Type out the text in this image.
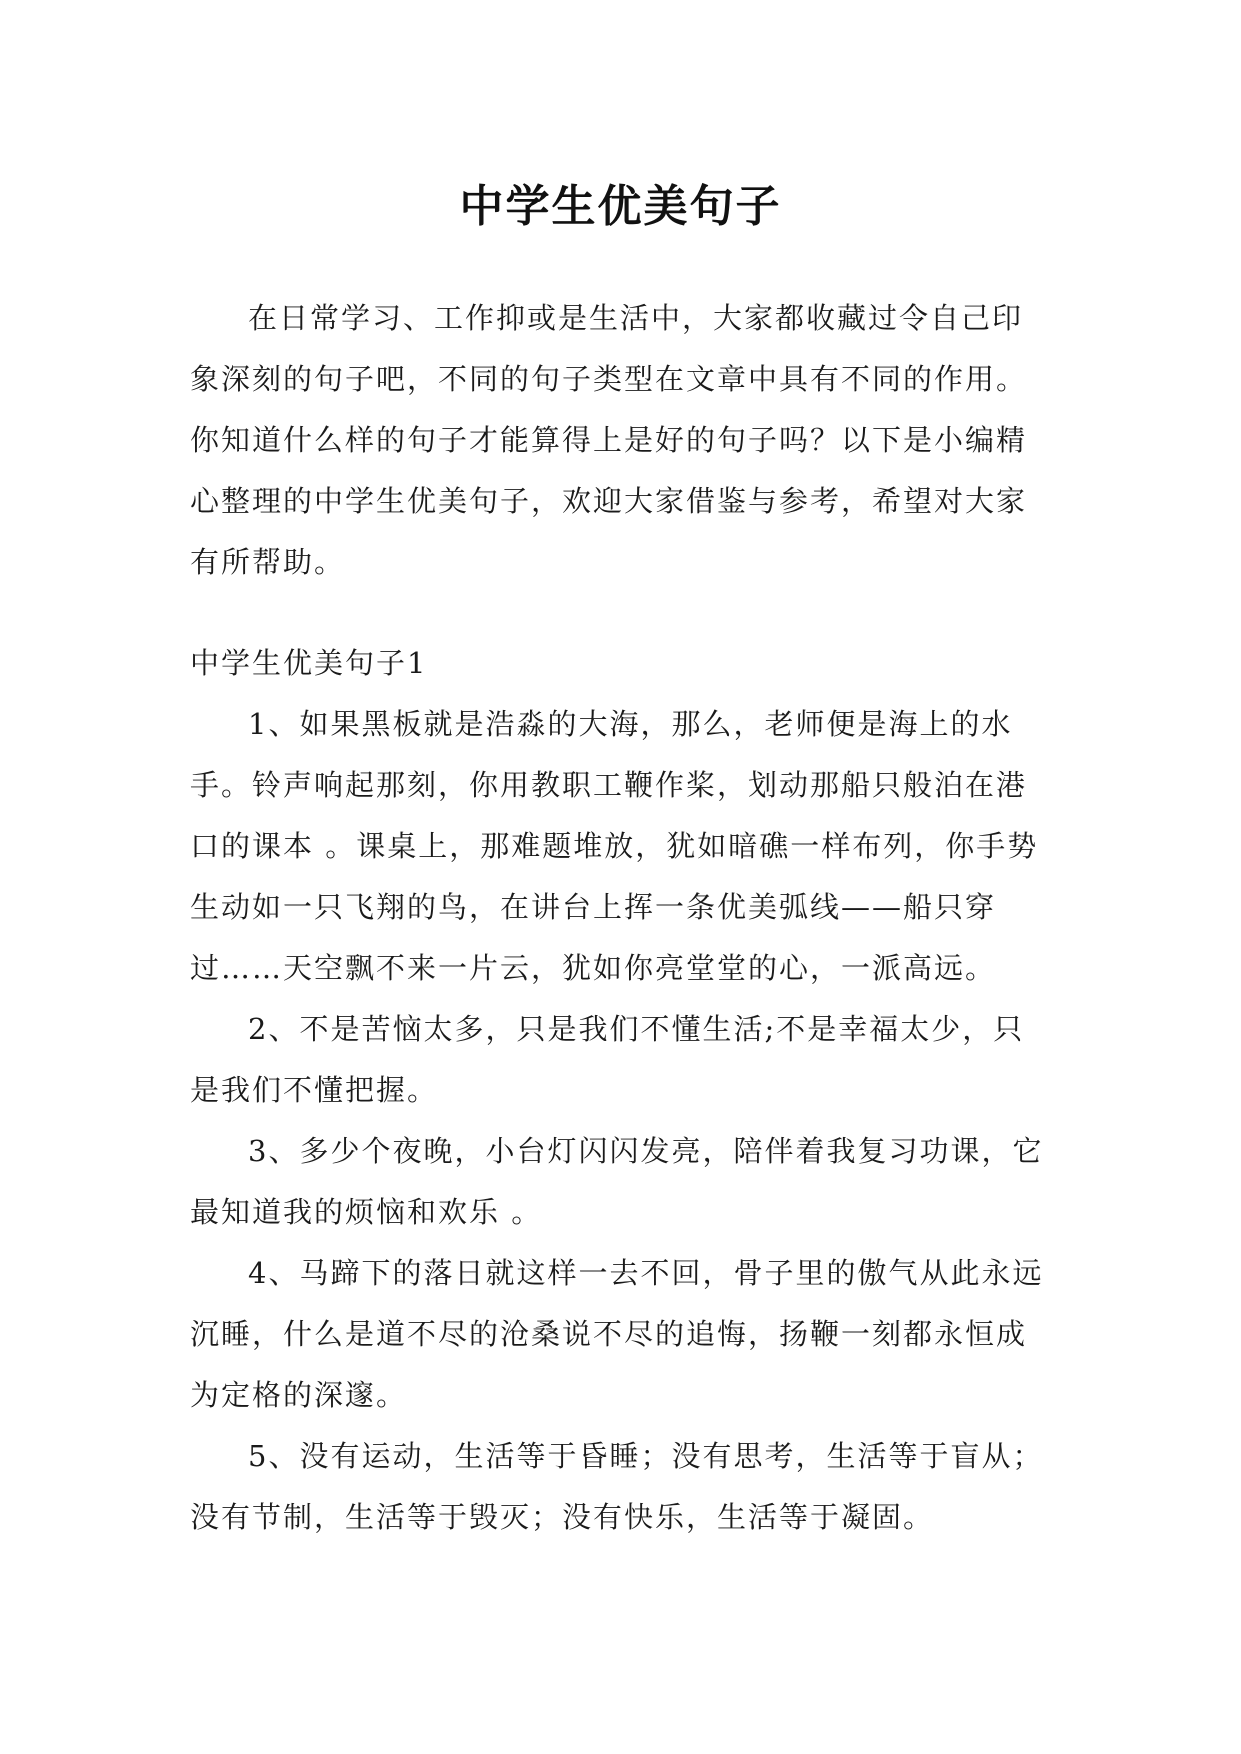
中学生优美句子

在日常学习、工作抑或是生活中，大家都收藏过令自己印象深刻的句子吧，不同的句子类型在文章中具有不同的作用。你知道什么样的句子才能算得上是好的句子吗？以下是小编精心整理的中学生优美句子，欢迎大家借鉴与参考，希望对大家有所帮助。

中学生优美句子1

1、如果黑板就是浩淼的大海，那么，老师便是海上的水手。铃声响起那刻，你用教职工鞭作桨，划动那船只般泊在港口的课本 。课桌上，那难题堆放，犹如暗礁一样布列，你手势生动如一只飞翔的鸟，在讲台上挥一条优美弧线——船只穿过……天空飘不来一片云，犹如你亮堂堂的心，一派高远。

2、不是苦恼太多，只是我们不懂生活;不是幸福太少，只是我们不懂把握。

3、多少个夜晚，小台灯闪闪发亮，陪伴着我复习功课，它最知道我的烦恼和欢乐 。

4、马蹄下的落日就这样一去不回，骨子里的傲气从此永远沉睡，什么是道不尽的沧桑说不尽的追悔，扬鞭一刻都永恒成为定格的深邃。

5、没有运动，生活等于昏睡；没有思考，生活等于盲从；没有节制，生活等于毁灭；没有快乐，生活等于凝固。
